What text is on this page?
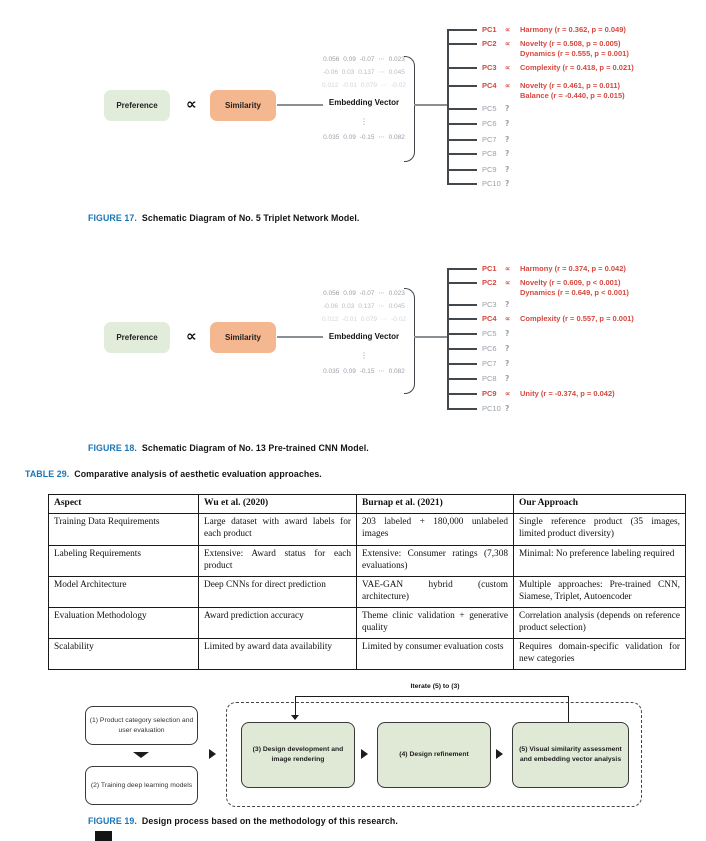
Preference ∝	Similarity
0.056 0.09 -0.07 ⋯ 0.023
-0.06 0.03 0.137 ⋯ 0.045
0.012 -0.01 0.079 ⋯ -0.02
Embedding Vector
⋮
0.035 0.09 -0.15 ⋯ 0.082
PC1	∝	Harmony (r = 0.362, p = 0.049)
PC2	∝	Novelty (r = 0.508, p = 0.005)
Dynamics (r = 0.555, p = 0.001)
PC3	∝	Complexity (r = 0.418, p = 0.021)
PC4	∝	Novelty (r = 0.461, p = 0.011)
Balance (r = -0.440, p = 0.015)
PC5	?
PC6	?
PC7	?
PC8	?
PC9	?
PC10 ?
FIGURE 17. Schematic Diagram of No. 5 Triplet Network Model.
Preference ∝	Similarity
0.056 0.09 -0.07 ⋯ 0.023
-0.06 0.03 0.137 ⋯ 0.045
0.012 -0.01 0.079 ⋯ -0.02
Embedding Vector
⋮
0.035 0.09 -0.15 ⋯ 0.082
PC1	∝	Harmony (r = 0.374, p = 0.042)
PC2	∝	Novelty (r = 0.609, p < 0.001)
Dynamics (r = 0.649, p < 0.001)
PC3	?
PC4	∝	Complexity (r = 0.557, p = 0.001)
PC5	?
PC6	?
PC7	?
PC8	?
PC9	∝	Unity (r = -0.374, p = 0.042)
PC10 ?
FIGURE 18. Schematic Diagram of No. 13 Pre-trained CNN Model.
TABLE 29. Comparative analysis of aesthetic evaluation approaches.
Aspect	Wu et al. (2020)	Burnap et al. (2021)	Our Approach
Training Data Requirements	Large dataset with award labels for each product	203 labeled + 180,000 unlabeled images	Single reference product (35 images, limited product diversity)
Labeling Requirements	Extensive: Award status for each product	Extensive: Consumer ratings (7,308 evaluations)	Minimal: No preference labeling required
Model Architecture	Deep CNNs for direct prediction	VAE-GAN hybrid (custom architecture)	Multiple approaches: Pre-trained CNN, Siamese, Triplet, Autoencoder
Evaluation Methodology	Award prediction accuracy	Theme clinic validation + generative quality	Correlation analysis (depends on reference product selection)
Scalability	Limited by award data availability	Limited by consumer evaluation costs	Requires domain-specific validation for new categories
Iterate (5) to (3)
(1) Product category selection and user evaluation
(2) Training deep learning models
(3) Design development and image rendering
(4) Design refinement
(5) Visual similarity assessment and embedding vector analysis
FIGURE 19. Design process based on the methodology of this research.
